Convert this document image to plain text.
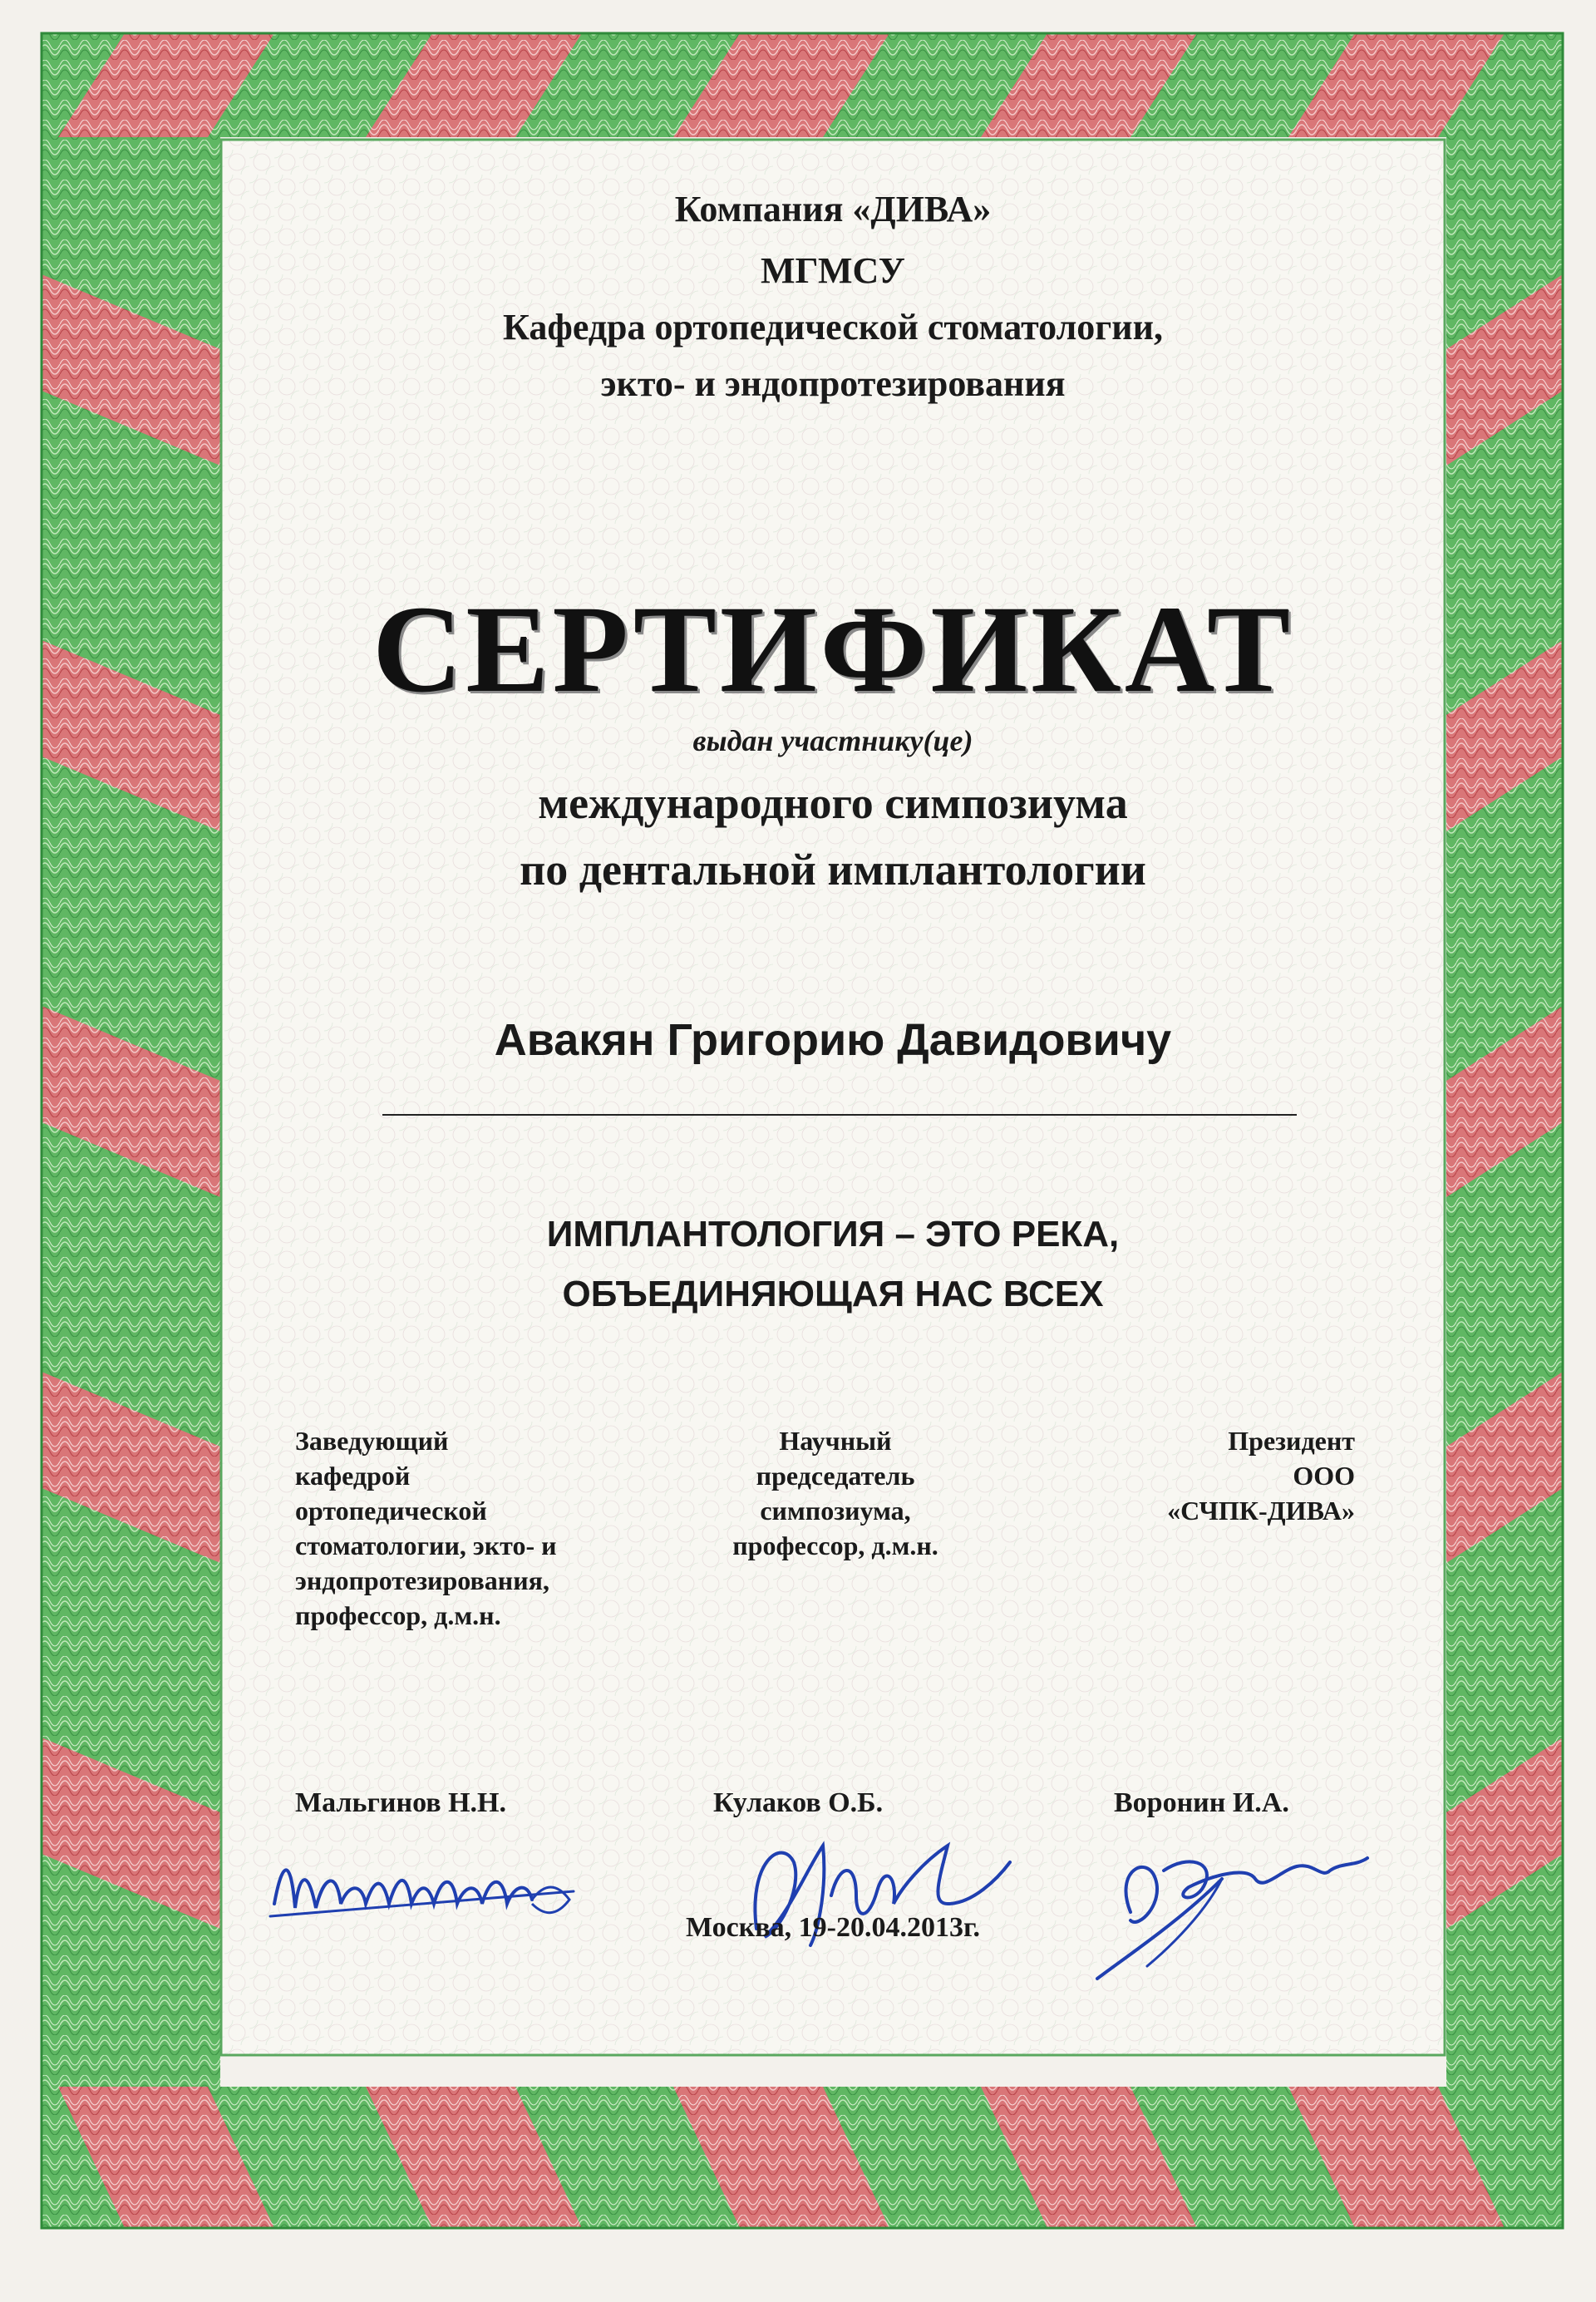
Компания «ДИВА»
МГМСУ
Кафедра ортопедической стоматологии,
экто- и эндопротезирования
СЕРТИФИКАТ
выдан участнику(це)
международного симпозиума
по дентальной имплантологии
Авакян Григорию Давидовичу
ИМПЛАНТОЛОГИЯ – ЭТО РЕКА,
ОБЪЕДИНЯЮЩАЯ НАС ВСЕХ
Заведующий
кафедрой
ортопедической
стоматологии, экто- и
эндопротезирования,
профессор, д.м.н.
Научный
председатель
симпозиума,
профессор, д.м.н.
Президент
ООО
«СЧПК-ДИВА»
Мальгинов Н.Н.	Кулаков О.Б.	Воронин И.А.
Москва, 19-20.04.2013г.
